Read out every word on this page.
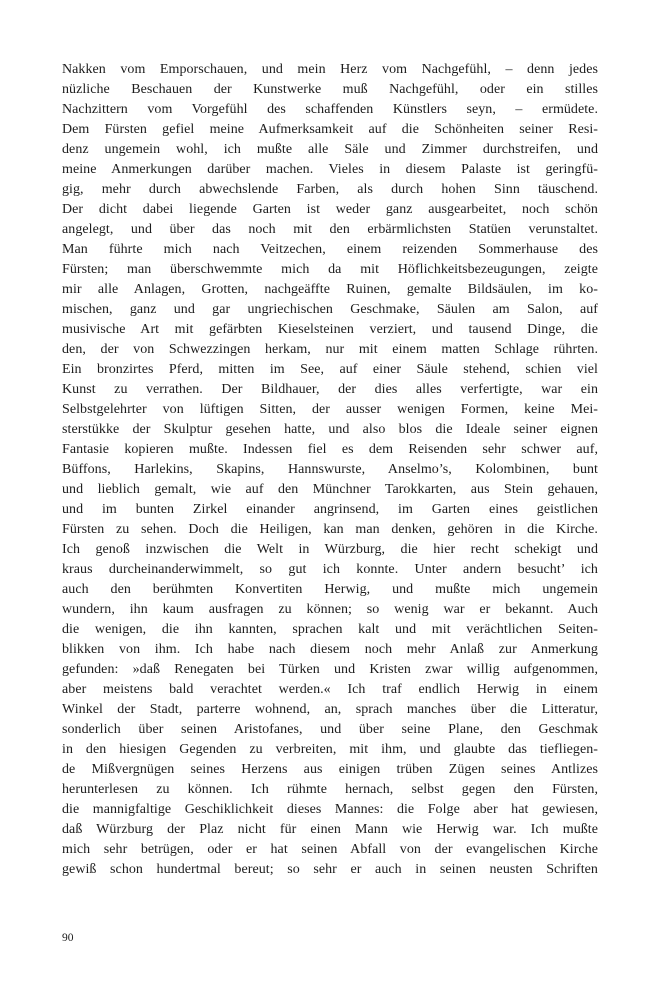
Nakken vom Emporschauen, und mein Herz vom Nachgefühl, – denn jedes
nüzliche Beschauen der Kunstwerke muß Nachgefühl, oder ein stilles
Nachzittern vom Vorgefühl des schaffenden Künstlers seyn, – ermüdete.
Dem Fürsten gefiel meine Aufmerksamkeit auf die Schönheiten seiner Resi-
denz ungemein wohl, ich mußte alle Säle und Zimmer durchstreifen, und
meine Anmerkungen darüber machen. Vieles in diesem Palaste ist geringfü-
gig, mehr durch abwechslende Farben, als durch hohen Sinn täuschend.
Der dicht dabei liegende Garten ist weder ganz ausgearbeitet, noch schön
angelegt, und über das noch mit den erbärmlichsten Statüen verunstaltet.
Man führte mich nach Veitzechen, einem reizenden Sommerhause des
Fürsten; man überschwemmte mich da mit Höflichkeitsbezeugungen, zeigte
mir alle Anlagen, Grotten, nachgeäffte Ruinen, gemalte Bildsäulen, im ko-
mischen, ganz und gar ungriechischen Geschmake, Säulen am Salon, auf
musivische Art mit gefärbten Kieselsteinen verziert, und tausend Dinge, die
den, der von Schwezzingen herkam, nur mit einem matten Schlage rührten.
Ein bronzirtes Pferd, mitten im See, auf einer Säule stehend, schien viel
Kunst zu verrathen. Der Bildhauer, der dies alles verfertigte, war ein
Selbstgelehrter von lüftigen Sitten, der ausser wenigen Formen, keine Mei-
sterstükke der Skulptur gesehen hatte, und also blos die Ideale seiner eignen
Fantasie kopieren mußte. Indessen fiel es dem Reisenden sehr schwer auf,
Büffons, Harlekins, Skapins, Hannswurste, Anselmo’s, Kolombinen, bunt
und lieblich gemalt, wie auf den Münchner Tarokkarten, aus Stein gehauen,
und im bunten Zirkel einander angrinsend, im Garten eines geistlichen
Fürsten zu sehen. Doch die Heiligen, kan man denken, gehören in die Kirche.
Ich genoß inzwischen die Welt in Würzburg, die hier recht schekigt und
kraus durcheinanderwimmelt, so gut ich konnte. Unter andern besucht’ ich
auch den berühmten Konvertiten Herwig, und mußte mich ungemein
wundern, ihn kaum ausfragen zu können; so wenig war er bekannt. Auch
die wenigen, die ihn kannten, sprachen kalt und mit verächtlichen Seiten-
blikken von ihm. Ich habe nach diesem noch mehr Anlaß zur Anmerkung
gefunden: »daß Renegaten bei Türken und Kristen zwar willig aufgenommen,
aber meistens bald verachtet werden.« Ich traf endlich Herwig in einem
Winkel der Stadt, parterre wohnend, an, sprach manches über die Litteratur,
sonderlich über seinen Aristofanes, und über seine Plane, den Geschmak
in den hiesigen Gegenden zu verbreiten, mit ihm, und glaubte das tiefliegen-
de Mißvergnügen seines Herzens aus einigen trüben Zügen seines Antlizes
herunterlesen zu können. Ich rühmte hernach, selbst gegen den Fürsten,
die mannigfaltige Geschiklichkeit dieses Mannes: die Folge aber hat gewiesen,
daß Würzburg der Plaz nicht für einen Mann wie Herwig war. Ich mußte
mich sehr betrügen, oder er hat seinen Abfall von der evangelischen Kirche
gewiß schon hundertmal bereut; so sehr er auch in seinen neusten Schriften
90
